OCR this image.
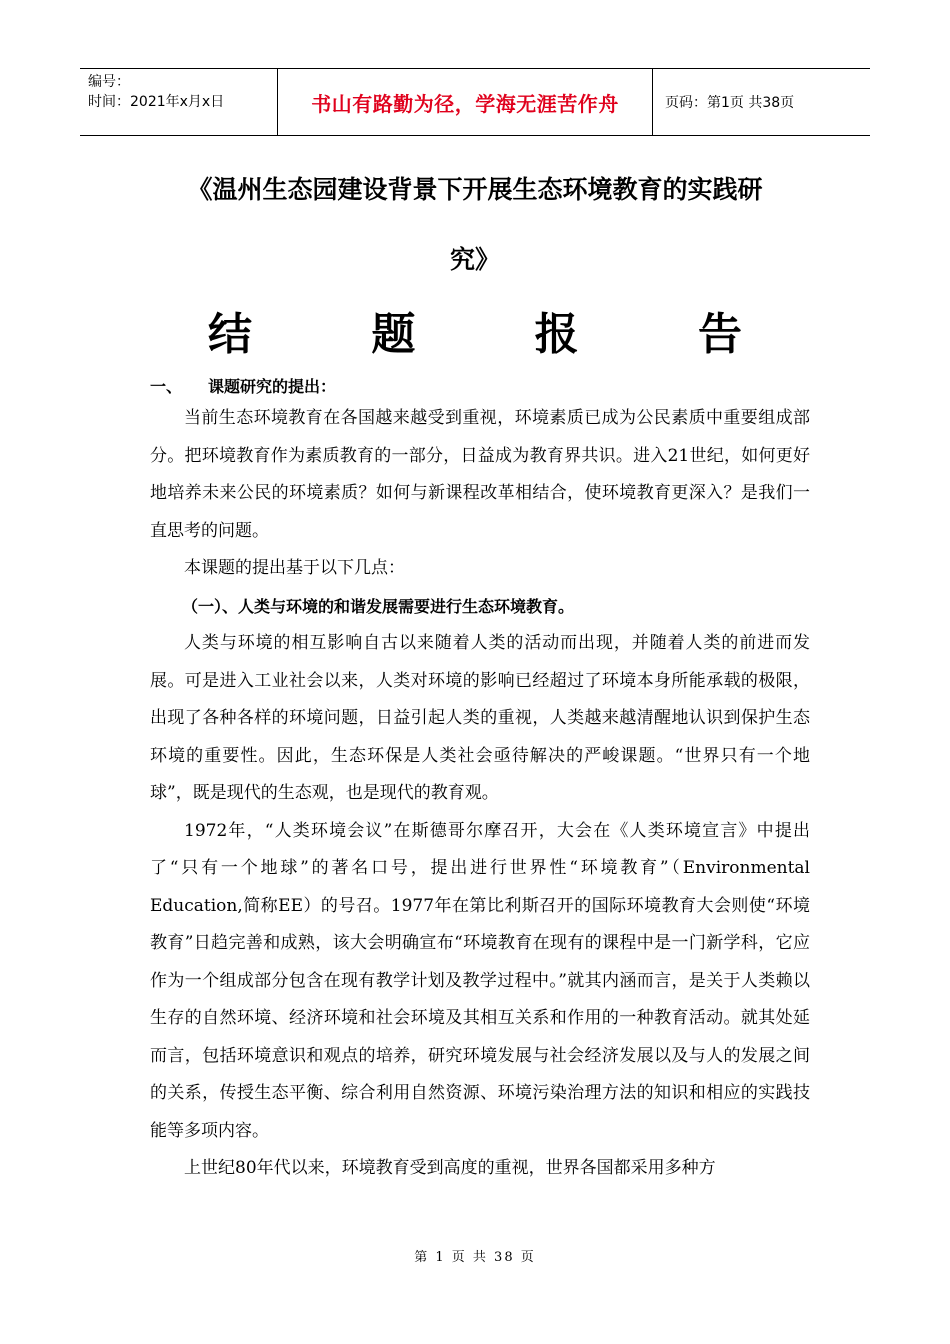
编号：
时间：2021年x月x日	书山有路勤为径，学海无涯苦作舟	页码：第1页 共38页
《温州生态园建设背景下开展生态环境教育的实践研
究》
结	题	报	告
一、 课题研究的提出：

当前生态环境教育在各国越来越受到重视，环境素质已成为公民素质中重要组成部分。把环境教育作为素质教育的一部分，日益成为教育界共识。进入21世纪，如何更好地培养未来公民的环境素质？如何与新课程改革相结合，使环境教育更深入？是我们一直思考的问题。

本课题的提出基于以下几点：

（一）、人类与环境的和谐发展需要进行生态环境教育。

人类与环境的相互影响自古以来随着人类的活动而出现，并随着人类的前进而发展。可是进入工业社会以来，人类对环境的影响已经超过了环境本身所能承载的极限，出现了各种各样的环境问题，日益引起人类的重视，人类越来越清醒地认识到保护生态环境的重要性。因此，生态环保是人类社会亟待解决的严峻课题。“世界只有一个地球”，既是现代的生态观，也是现代的教育观。

1972年，“人类环境会议”在斯德哥尔摩召开，大会在《人类环境宣言》中提出了“只有一个地球”的著名口号，提出进行世界性“环境教育”（Environmental Education,简称EE）的号召。1977年在第比利斯召开的国际环境教育大会则使“环境教育”日趋完善和成熟，该大会明确宣布“环境教育在现有的课程中是一门新学科，它应作为一个组成部分包含在现有教学计划及教学过程中。”就其内涵而言，是关于人类赖以生存的自然环境、经济环境和社会环境及其相互关系和作用的一种教育活动。就其处延而言，包括环境意识和观点的培养，研究环境发展与社会经济发展以及与人的发展之间的关系，传授生态平衡、综合利用自然资源、环境污染治理方法的知识和相应的实践技能等多项内容。

上世纪80年代以来，环境教育受到高度的重视，世界各国都采用多种方

第 1 页 共 38 页
